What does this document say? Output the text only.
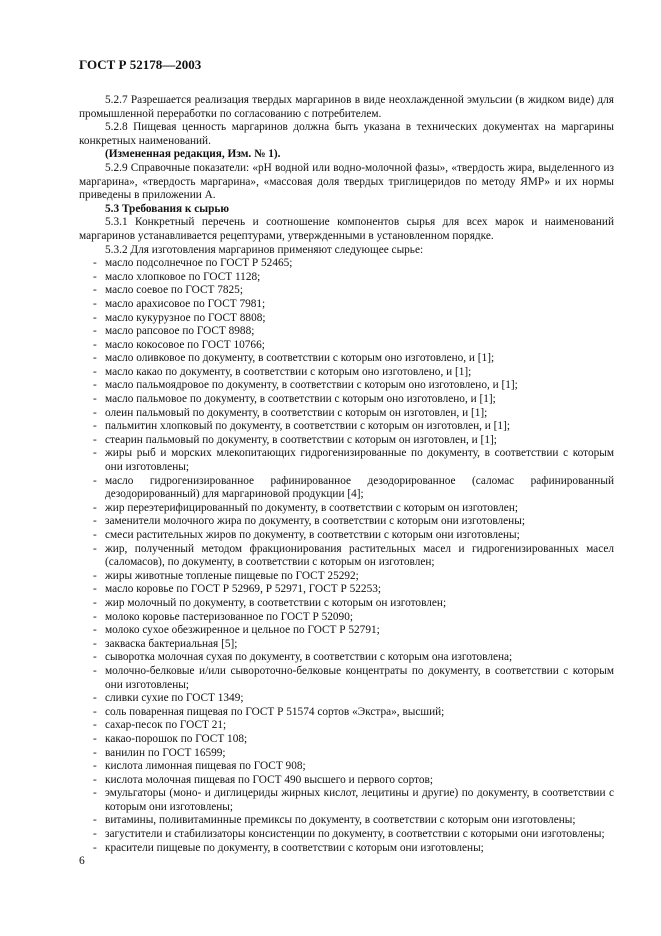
ГОСТ Р 52178—2003

5.2.7 Разрешается реализация твердых маргаринов в виде неохлажденной эмульсии (в жидком виде) для промышленной переработки по согласованию с потребителем.

5.2.8 Пищевая ценность маргаринов должна быть указана в технических документах на маргарины конкретных наименований.

(Измененная редакция, Изм. № 1).

5.2.9 Справочные показатели: «рН водной или водно-молочной фазы», «твердость жира, выделенного из маргарина», «твердость маргарина», «массовая доля твердых триглицеридов по методу ЯМР» и их нормы приведены в приложении А.

5.3 Требования к сырью

5.3.1 Конкретный перечень и соотношение компонентов сырья для всех марок и наименований маргаринов устанавливается рецептурами, утвержденными в установленном порядке.

5.3.2 Для изготовления маргаринов применяют следующее сырье:

- масло подсолнечное по ГОСТ Р 52465;

- масло хлопковое по ГОСТ 1128;

- масло соевое по ГОСТ 7825;

- масло арахисовое по ГОСТ 7981;

- масло кукурузное по ГОСТ 8808;

- масло рапсовое по ГОСТ 8988;

- масло кокосовое по ГОСТ 10766;

- масло оливковое по документу, в соответствии с которым оно изготовлено, и [1];

- масло какао по документу, в соответствии с которым оно изготовлено, и [1];

- масло пальмоядровое по документу, в соответствии с которым оно изготовлено, и [1];

- масло пальмовое по документу, в соответствии с которым оно изготовлено, и [1];

- олеин пальмовый по документу, в соответствии с которым он изготовлен, и [1];

- пальмитин хлопковый по документу, в соответствии с которым он изготовлен, и [1];

- стеарин пальмовый по документу, в соответствии с которым он изготовлен, и [1];

- жиры рыб и морских млекопитающих гидрогенизированные по документу, в соответствии с которым они изготовлены;

- масло гидрогенизированное рафинированное дезодорированное (саломас рафинированный дезодорированный) для маргариновой продукции [4];

- жир переэтерифицированный по документу, в соответствии с которым он изготовлен;

- заменители молочного жира по документу, в соответствии с которым они изготовлены;

- смеси растительных жиров по документу, в соответствии с которым они изготовлены;

- жир, полученный методом фракционирования растительных масел и гидрогенизированных масел (саломасов), по документу, в соответствии с которым он изготовлен;

- жиры животные топленые пищевые по ГОСТ 25292;

- масло коровье по ГОСТ Р 52969, Р 52971, ГОСТ Р 52253;

- жир молочный по документу, в соответствии с которым он изготовлен;

- молоко коровье пастеризованное по ГОСТ Р 52090;

- молоко сухое обезжиренное и цельное по ГОСТ Р 52791;

- закваска бактериальная [5];

- сыворотка молочная сухая по документу, в соответствии с которым она изготовлена;

- молочно-белковые и/или сывороточно-белковые концентраты по документу, в соответствии с которым они изготовлены;

- сливки сухие по ГОСТ 1349;

- соль поваренная пищевая по ГОСТ Р 51574 сортов «Экстра», высший;

- сахар-песок по ГОСТ 21;

- какао-порошок по ГОСТ 108;

- ванилин по ГОСТ 16599;

- кислота лимонная пищевая по ГОСТ 908;

- кислота молочная пищевая по ГОСТ 490 высшего и первого сортов;

- эмульгаторы (моно- и диглицериды жирных кислот, лецитины и другие) по документу, в соответствии с которым они изготовлены;

- витамины, поливитаминные премиксы по документу, в соответствии с которым они изготовлены;

- загустители и стабилизаторы консистенции по документу, в соответствии с которыми они изготовлены;

- красители пищевые по документу, в соответствии с которым они изготовлены;

6
